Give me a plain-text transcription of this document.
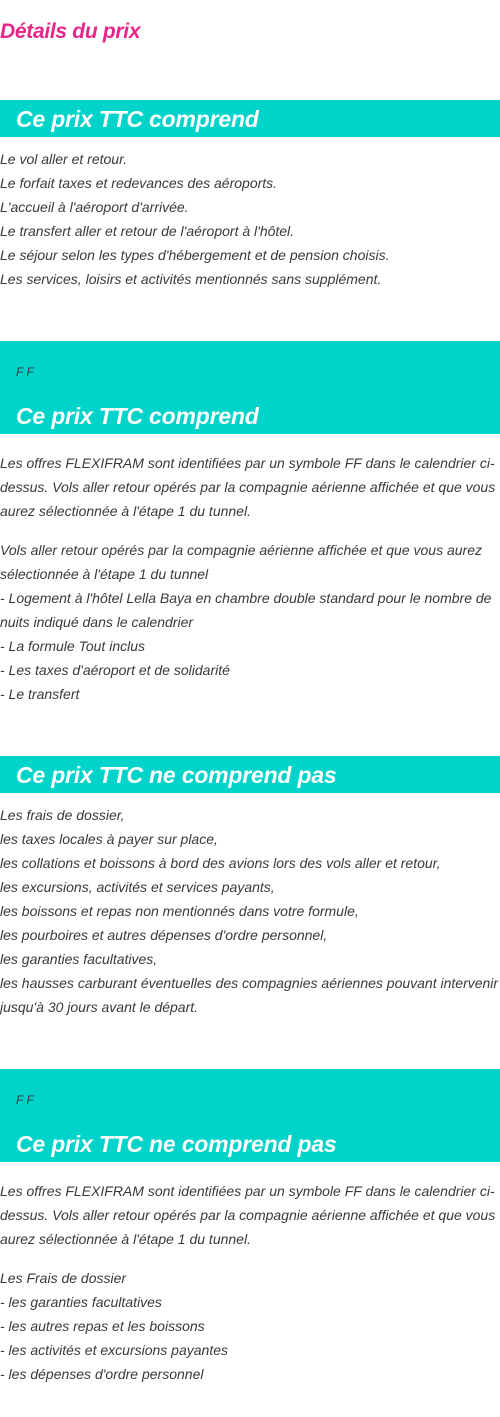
Détails du prix
Ce prix TTC comprend
Le vol aller et retour.
Le forfait taxes et redevances des aéroports.
L'accueil à l'aéroport d'arrivée.
Le transfert aller et retour de l'aéroport à l'hôtel.
Le séjour selon les types d'hébergement et de pension choisis.
Les services, loisirs et activités mentionnés sans supplément.
F F
Ce prix TTC comprend

Les offres FLEXIFRAM sont identifiées par un symbole FF dans le calendrier ci-dessus. Vols aller retour opérés par la compagnie aérienne affichée et que vous aurez sélectionnée à l'étape 1 du tunnel.

Vols aller retour opérés par la compagnie aérienne affichée et que vous aurez
sélectionnée à l'étape 1 du tunnel
- Logement à l'hôtel Lella Baya en chambre double standard pour le nombre de
nuits indiqué dans le calendrier
- La formule Tout inclus
- Les taxes d'aéroport et de solidarité
- Le transfert
Ce prix TTC ne comprend pas
Les frais de dossier,
les taxes locales à payer sur place,
les collations et boissons à bord des avions lors des vols aller et retour,
les excursions, activités et services payants,
les boissons et repas non mentionnés dans votre formule,
les pourboires et autres dépenses d'ordre personnel,
les garanties facultatives,
les hausses carburant éventuelles des compagnies aériennes pouvant intervenir
jusqu'à 30 jours avant le départ.
F F
Ce prix TTC ne comprend pas

Les offres FLEXIFRAM sont identifiées par un symbole FF dans le calendrier ci-dessus. Vols aller retour opérés par la compagnie aérienne affichée et que vous aurez sélectionnée à l'étape 1 du tunnel.

Les Frais de dossier
- les garanties facultatives
- les autres repas et les boissons
- les activités et excursions payantes
- les dépenses d'ordre personnel
